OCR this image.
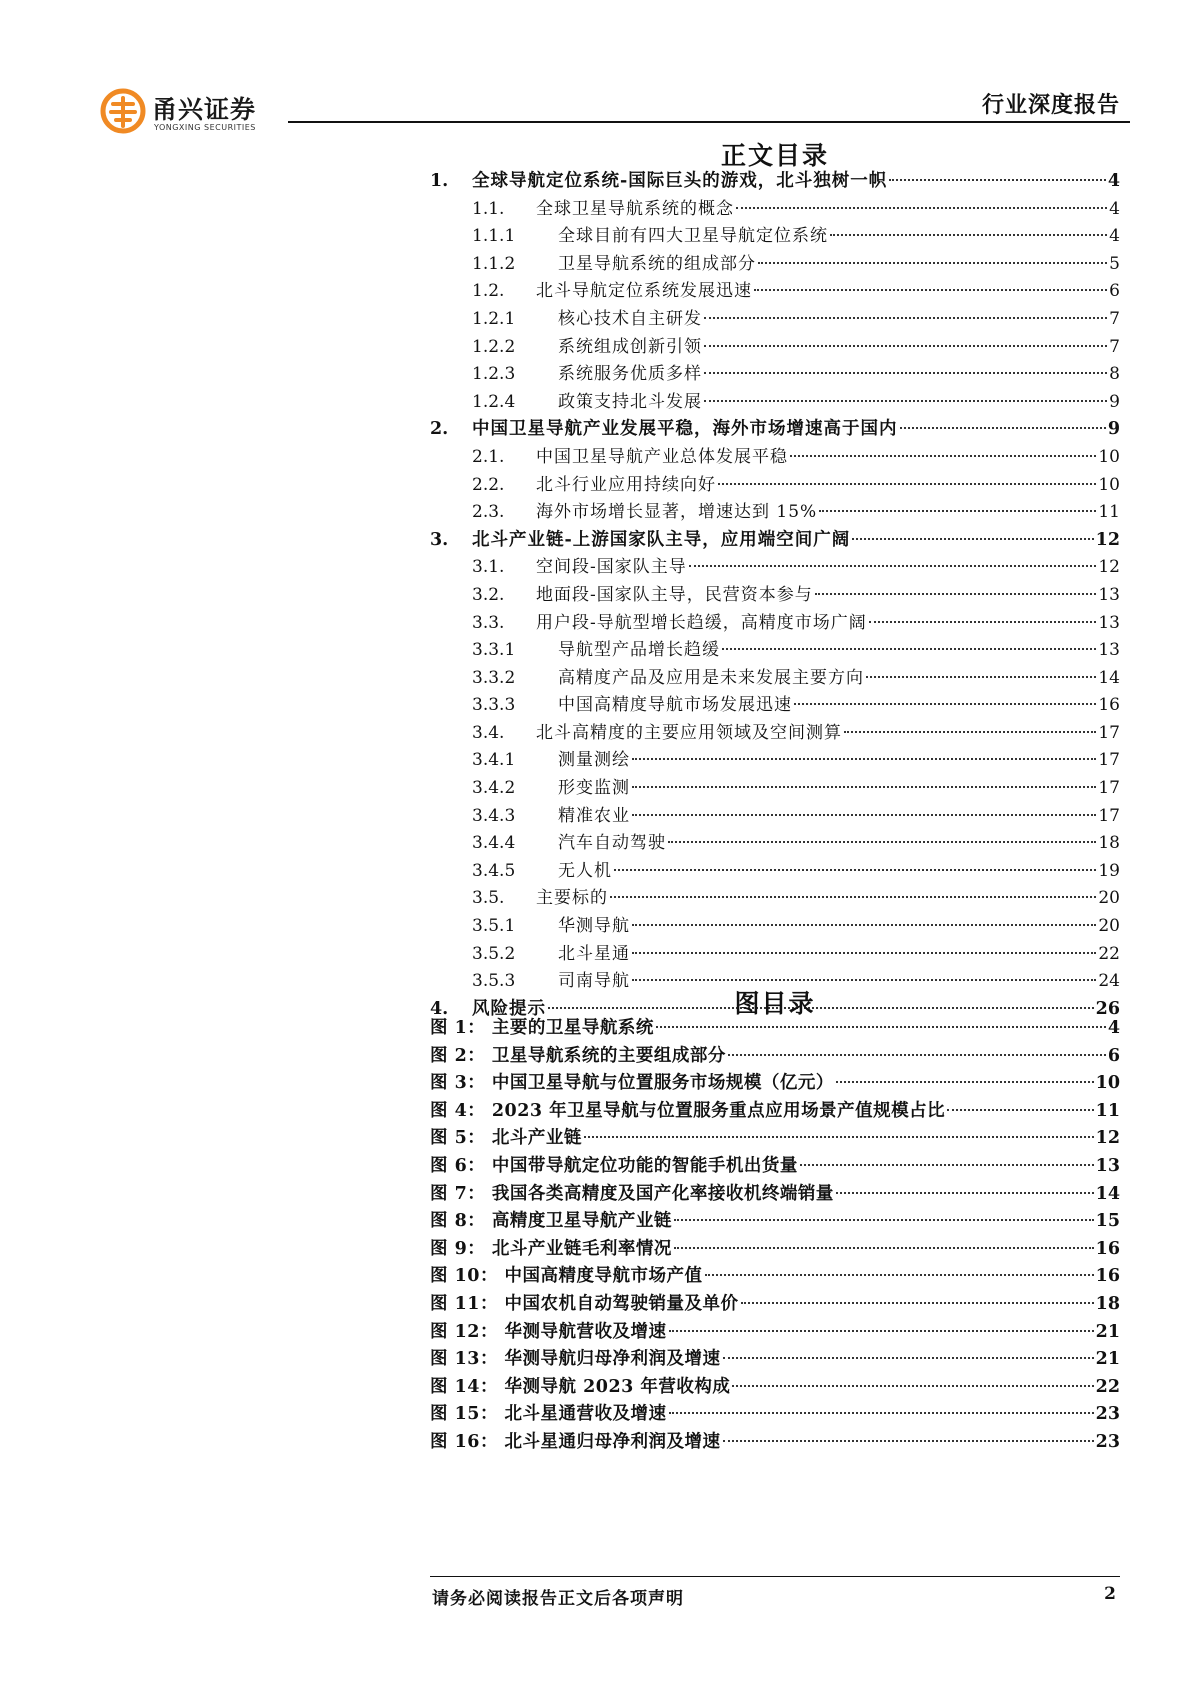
甬兴证券
YONGXING SECURITIES
行业深度报告
正文目录
1.	全球导航定位系统-国际巨头的游戏，北斗独树一帜	4
1.1.	全球卫星导航系统的概念	4
1.1.1	全球目前有四大卫星导航定位系统	4
1.1.2	卫星导航系统的组成部分	5
1.2.	北斗导航定位系统发展迅速	6
1.2.1	核心技术自主研发	7
1.2.2	系统组成创新引领	7
1.2.3	系统服务优质多样	8
1.2.4	政策支持北斗发展	9
2.	中国卫星导航产业发展平稳，海外市场增速高于国内	9
2.1.	中国卫星导航产业总体发展平稳	10
2.2.	北斗行业应用持续向好	10
2.3.	海外市场增长显著，增速达到 15%	11
3.	北斗产业链-上游国家队主导，应用端空间广阔	12
3.1.	空间段-国家队主导	12
3.2.	地面段-国家队主导，民营资本参与	13
3.3.	用户段-导航型增长趋缓，高精度市场广阔	13
3.3.1	导航型产品增长趋缓	13
3.3.2	高精度产品及应用是未来发展主要方向	14
3.3.3	中国高精度导航市场发展迅速	16
3.4.	北斗高精度的主要应用领域及空间测算	17
3.4.1	测量测绘	17
3.4.2	形变监测	17
3.4.3	精准农业	17
3.4.4	汽车自动驾驶	18
3.4.5	无人机	19
3.5.	主要标的	20
3.5.1	华测导航	20
3.5.2	北斗星通	22
3.5.3	司南导航	24
4.	风险提示	26
图目录
图 1： 主要的卫星导航系统	4
图 2： 卫星导航系统的主要组成部分	6
图 3： 中国卫星导航与位置服务市场规模（亿元）	10
图 4： 2023 年卫星导航与位置服务重点应用场景产值规模占比	11
图 5： 北斗产业链	12
图 6： 中国带导航定位功能的智能手机出货量	13
图 7： 我国各类高精度及国产化率接收机终端销量	14
图 8： 高精度卫星导航产业链	15
图 9： 北斗产业链毛利率情况	16
图 10： 中国高精度导航市场产值	16
图 11： 中国农机自动驾驶销量及单价	18
图 12： 华测导航营收及增速	21
图 13： 华测导航归母净利润及增速	21
图 14： 华测导航 2023 年营收构成	22
图 15： 北斗星通营收及增速	23
图 16： 北斗星通归母净利润及增速	23
请务必阅读报告正文后各项声明	2
